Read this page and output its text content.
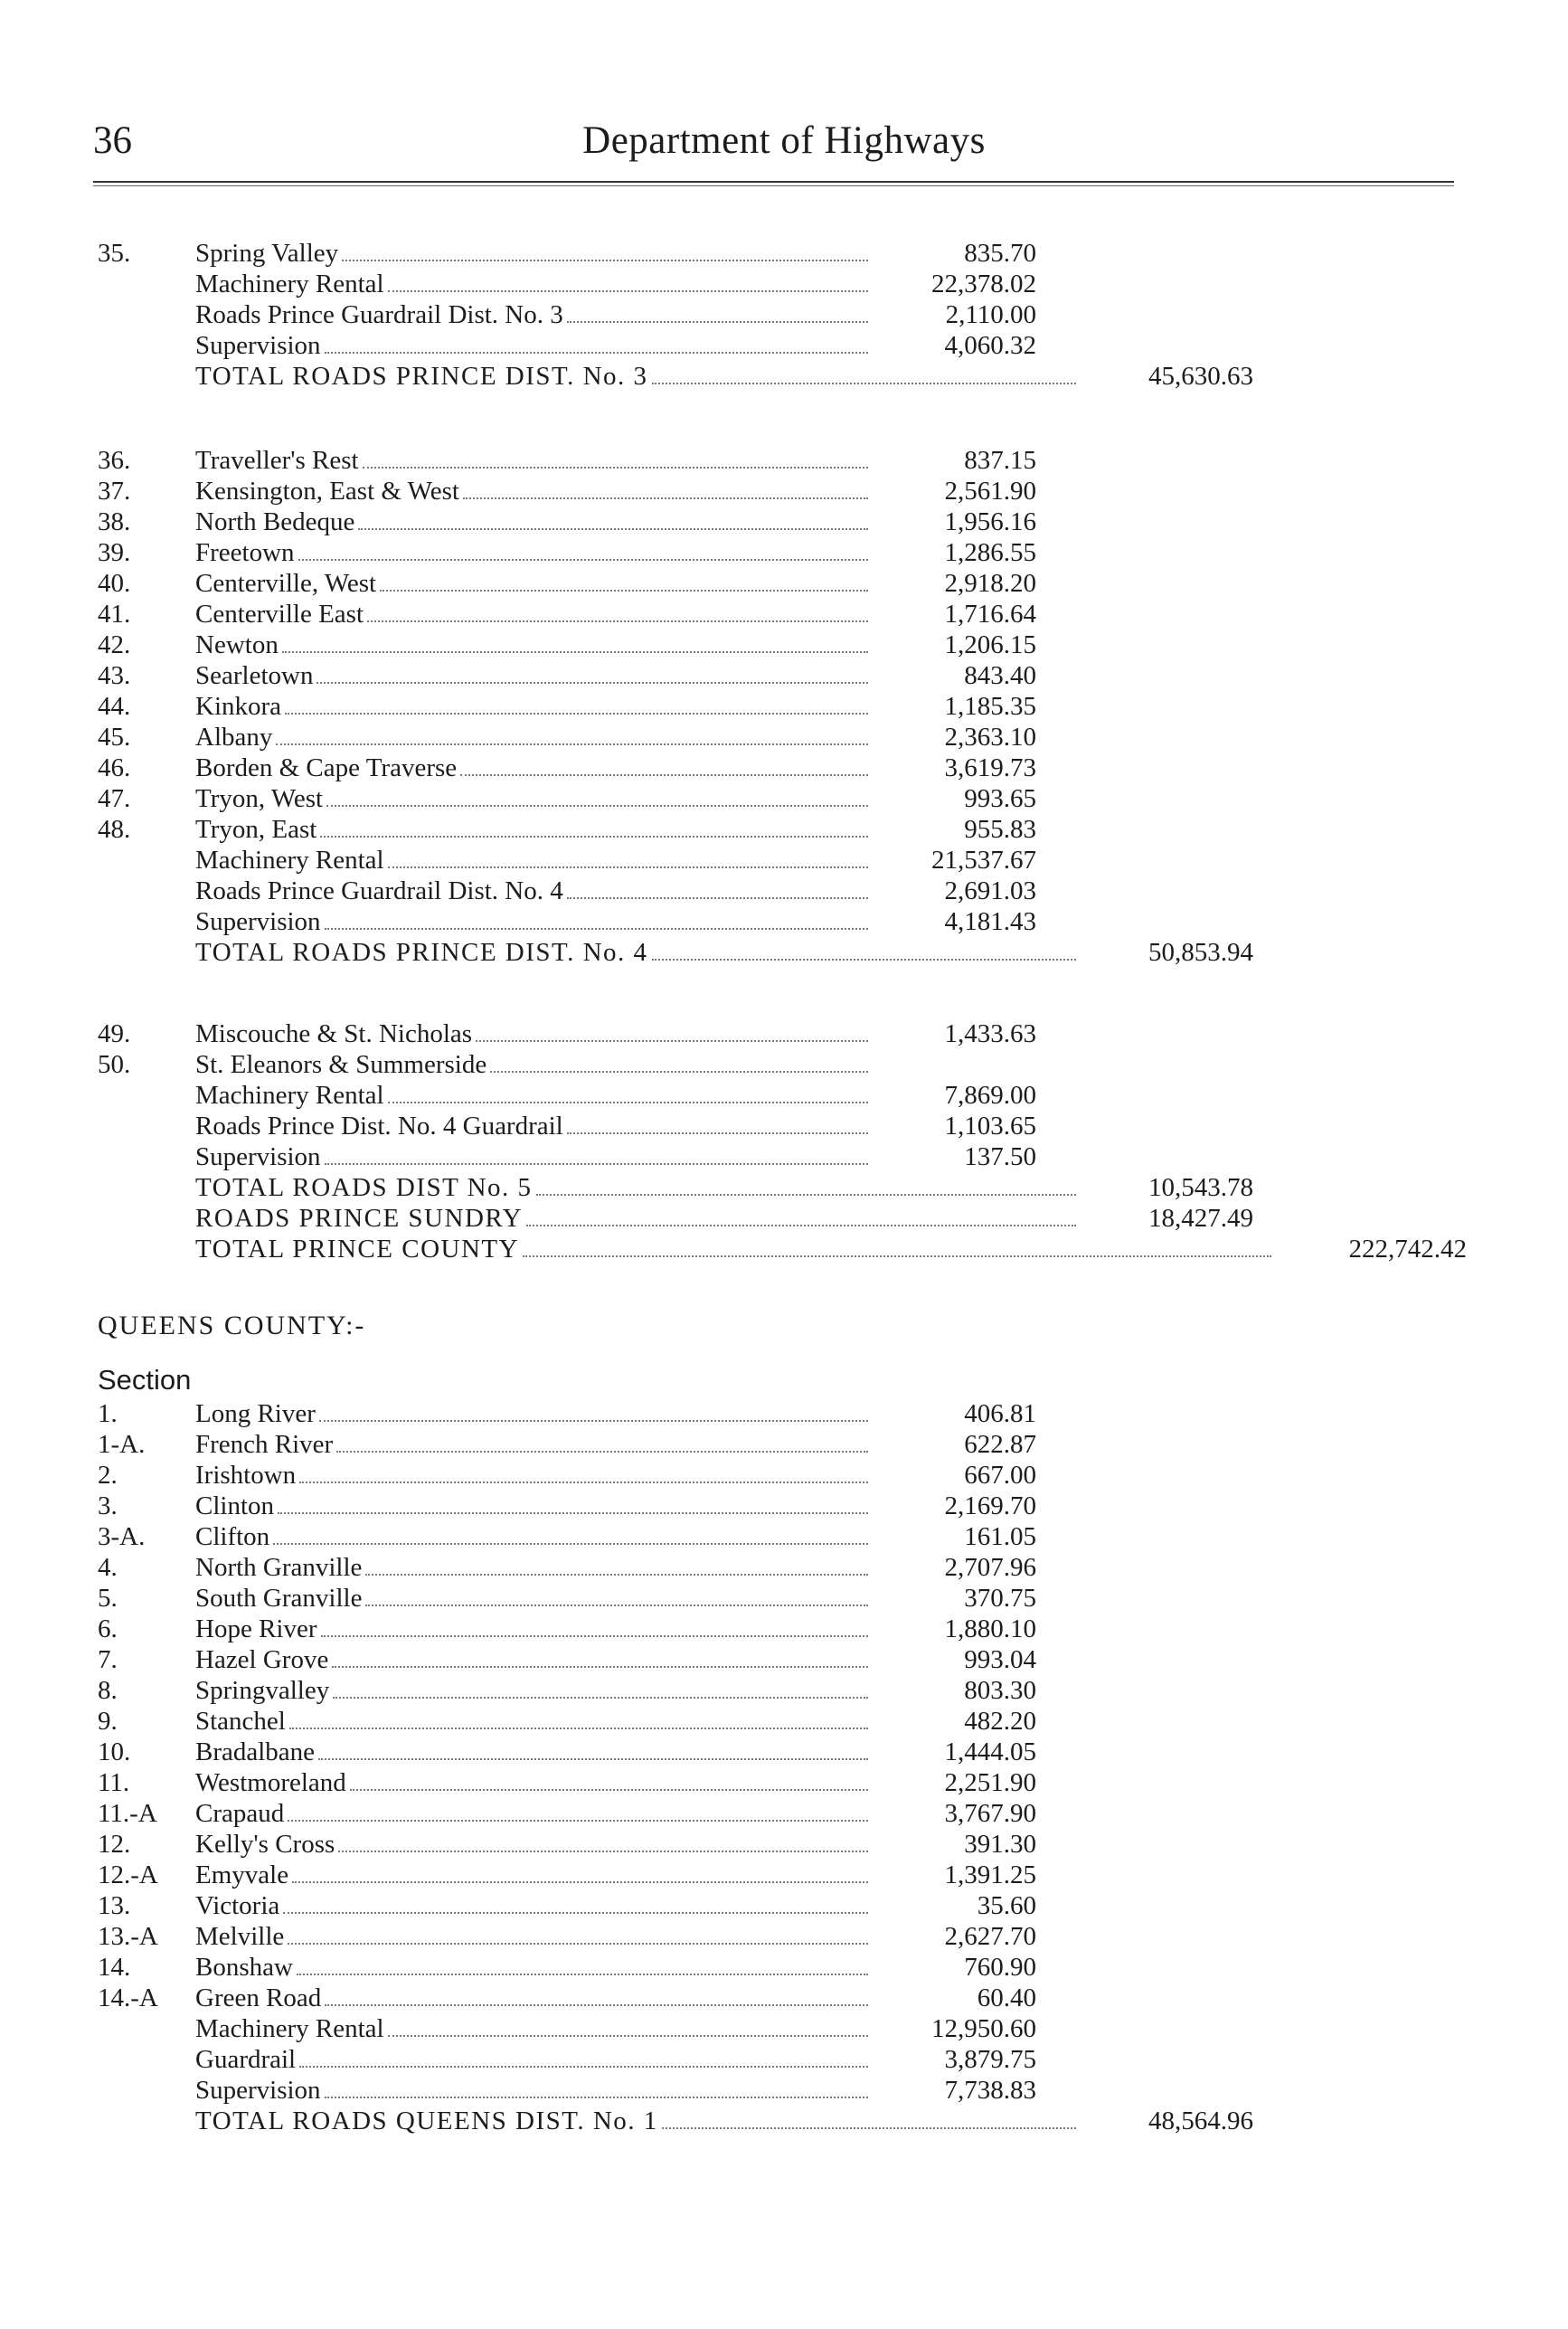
36	Department of Highways
QUEENS COUNTY:-
Section
35.	Spring Valley	835.70
Machinery Rental	22,378.02
Roads Prince Guardrail Dist. No. 3	2,110.00
Supervision	4,060.32
TOTAL ROADS PRINCE DIST. No. 3	45,630.63
36.	Traveller's Rest	837.15
37.	Kensington, East & West	2,561.90
38.	North Bedeque	1,956.16
39.	Freetown	1,286.55
40.	Centerville, West	2,918.20
41.	Centerville East	1,716.64
42.	Newton	1,206.15
43.	Searletown	843.40
44.	Kinkora	1,185.35
45.	Albany	2,363.10
46.	Borden & Cape Traverse	3,619.73
47.	Tryon, West	993.65
48.	Tryon, East	955.83
Machinery Rental	21,537.67
Roads Prince Guardrail Dist. No. 4	2,691.03
Supervision	4,181.43
TOTAL ROADS PRINCE DIST. No. 4	50,853.94
49.	Miscouche & St. Nicholas	1,433.63
50.	St. Eleanors & Summerside
Machinery Rental	7,869.00
Roads Prince Dist. No. 4 Guardrail	1,103.65
Supervision	137.50
TOTAL ROADS DIST No. 5	10,543.78
ROADS PRINCE SUNDRY	18,427.49
TOTAL PRINCE COUNTY	222,742.42
1.	Long River	406.81
1-A.	French River	622.87
2.	Irishtown	667.00
3.	Clinton	2,169.70
3-A.	Clifton	161.05
4.	North Granville	2,707.96
5.	South Granville	370.75
6.	Hope River	1,880.10
7.	Hazel Grove	993.04
8.	Springvalley	803.30
9.	Stanchel	482.20
10.	Bradalbane	1,444.05
11.	Westmoreland	2,251.90
11.-A	Crapaud	3,767.90
12.	Kelly's Cross	391.30
12.-A	Emyvale	1,391.25
13.	Victoria	35.60
13.-A	Melville	2,627.70
14.	Bonshaw	760.90
14.-A	Green Road	60.40
Machinery Rental	12,950.60
Guardrail	3,879.75
Supervision	7,738.83
TOTAL ROADS QUEENS DIST. No. 1	48,564.96
